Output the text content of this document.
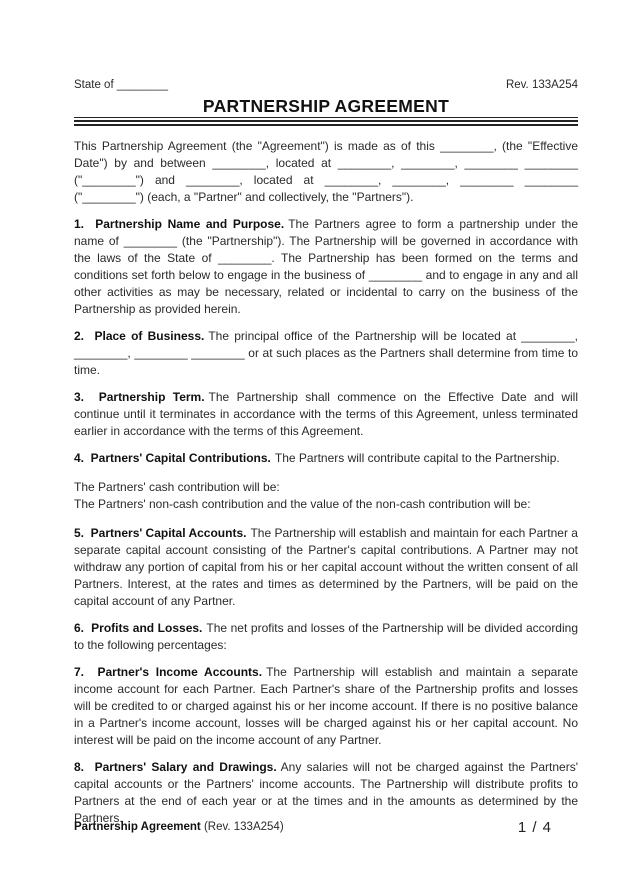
State of ________	Rev. 133A254
PARTNERSHIP AGREEMENT

This Partnership Agreement (the "Agreement") is made as of this ________, (the "Effective Date") by and between ________, located at ________, ________, ________ ________ ("________") and ________, located at ________, ________, ________ ________ ("________") (each, a "Partner" and collectively, the "Partners").

1.  Partnership Name and Purpose. The Partners agree to form a partnership under the name of ________ (the "Partnership"). The Partnership will be governed in accordance with the laws of the State of ________. The Partnership has been formed on the terms and conditions set forth below to engage in the business of ________ and to engage in any and all other activities as may be necessary, related or incidental to carry on the business of the Partnership as provided herein.

2.  Place of Business. The principal office of the Partnership will be located at ________, ________, ________ ________ or at such places as the Partners shall determine from time to time.

3.  Partnership Term. The Partnership shall commence on the Effective Date and will continue until it terminates in accordance with the terms of this Agreement, unless terminated earlier in accordance with the terms of this Agreement.

4.  Partners' Capital Contributions. The Partners will contribute capital to the Partnership.

The Partners' cash contribution will be:
The Partners' non-cash contribution and the value of the non-cash contribution will be:

5.  Partners' Capital Accounts. The Partnership will establish and maintain for each Partner a separate capital account consisting of the Partner's capital contributions. A Partner may not withdraw any portion of capital from his or her capital account without the written consent of all Partners. Interest, at the rates and times as determined by the Partners, will be paid on the capital account of any Partner.

6.  Profits and Losses. The net profits and losses of the Partnership will be divided according to the following percentages:

7.  Partner's Income Accounts. The Partnership will establish and maintain a separate income account for each Partner. Each Partner's share of the Partnership profits and losses will be credited to or charged against his or her income account. If there is no positive balance in a Partner's income account, losses will be charged against his or her capital account. No interest will be paid on the income account of any Partner.

8.  Partners' Salary and Drawings. Any salaries will not be charged against the Partners' capital accounts or the Partners' income accounts. The Partnership will distribute profits to Partners at the end of each year or at the times and in the amounts as determined by the Partners.

Partnership Agreement (Rev. 133A254)	1 / 4
